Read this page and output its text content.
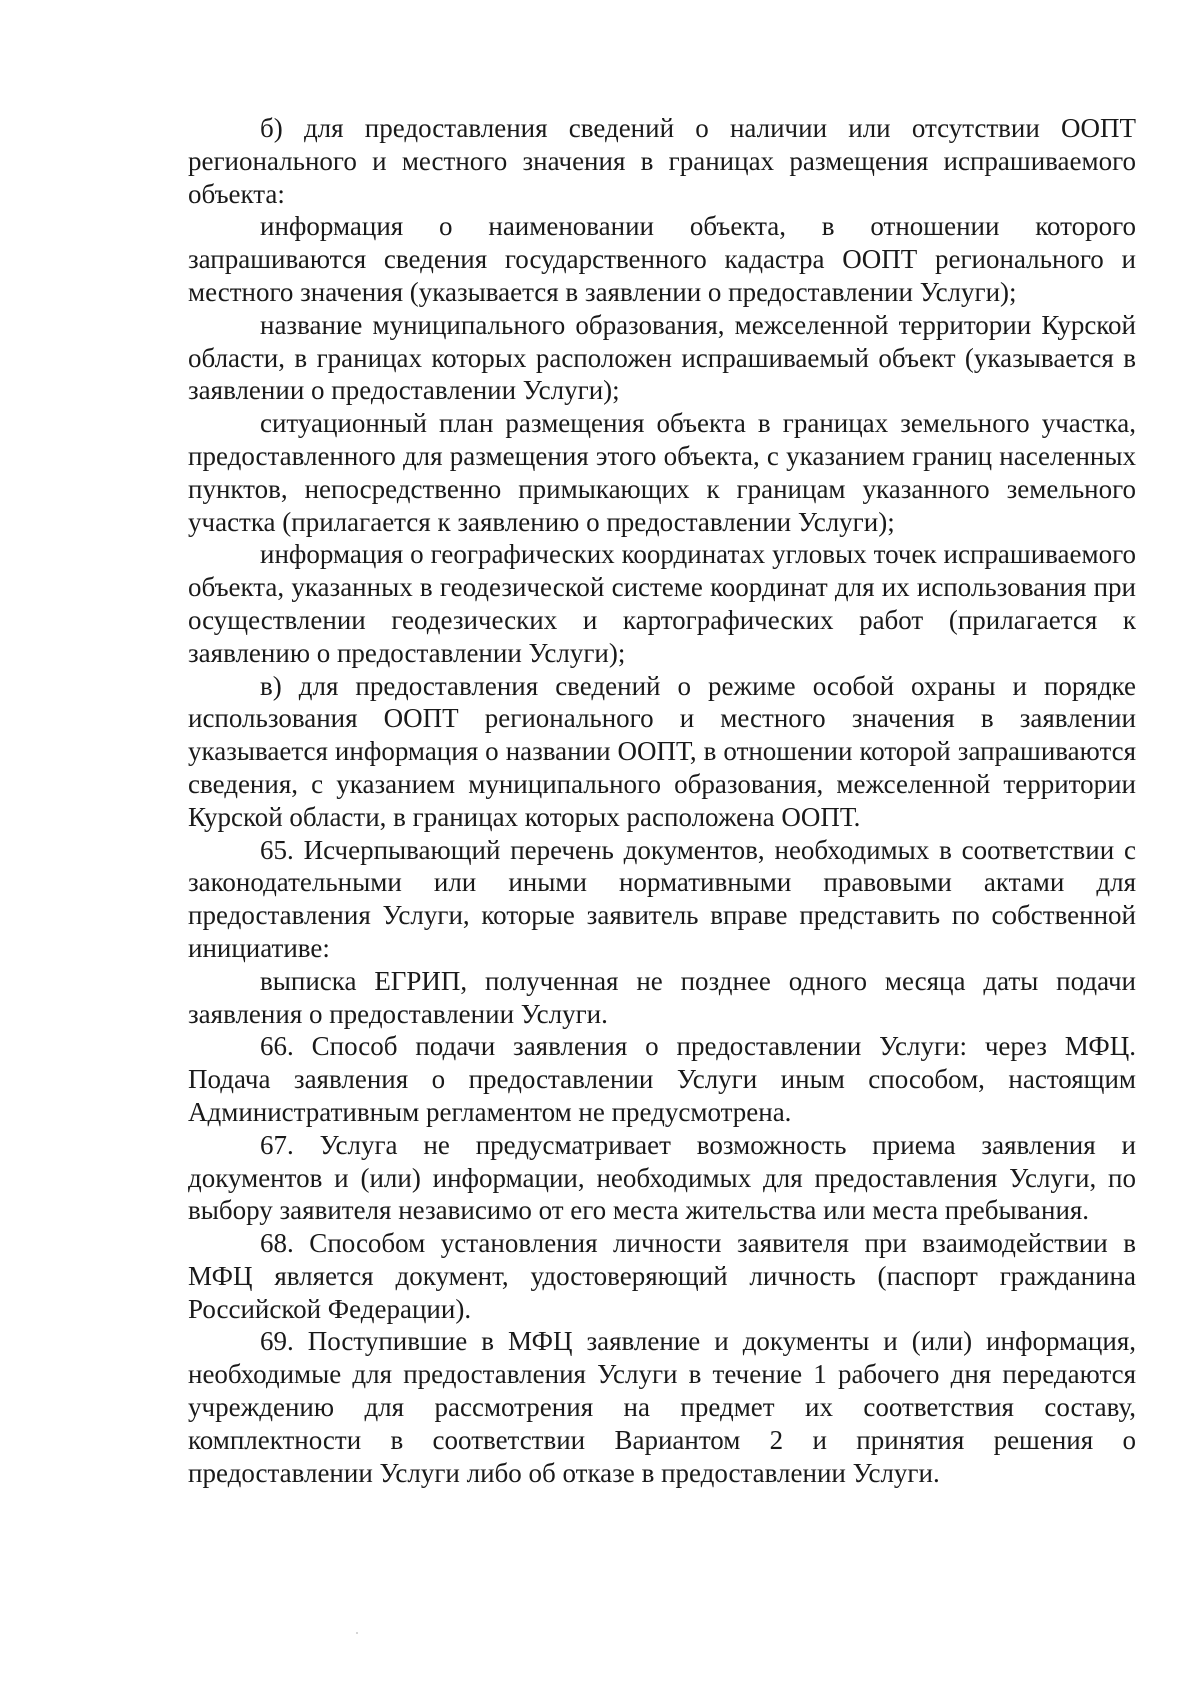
б) для предоставления сведений о наличии или отсутствии ООПТ регионального и местного значения в границах размещения испрашиваемого объекта:

информация о наименовании объекта, в отношении которого запрашиваются сведения государственного кадастра ООПТ регионального и местного значения (указывается в заявлении о предоставлении Услуги);

название муниципального образования, межселенной территории Курской области, в границах которых расположен испрашиваемый объект (указывается в заявлении о предоставлении Услуги);

ситуационный план размещения объекта в границах земельного участка, предоставленного для размещения этого объекта, с указанием границ населенных пунктов, непосредственно примыкающих к границам указанного земельного участка (прилагается к заявлению о предоставлении Услуги);

информация о географических координатах угловых точек испрашиваемого объекта, указанных в геодезической системе координат для их использования при осуществлении геодезических и картографических работ (прилагается к заявлению о предоставлении Услуги);

в) для предоставления сведений о режиме особой охраны и порядке использования ООПТ регионального и местного значения в заявлении указывается информация о названии ООПТ, в отношении которой запрашиваются сведения, с указанием муниципального образования, межселенной территории Курской области, в границах которых расположена ООПТ.

65. Исчерпывающий перечень документов, необходимых в соответствии с законодательными или иными нормативными правовыми актами для предоставления Услуги, которые заявитель вправе представить по собственной инициативе:

выписка ЕГРИП, полученная не позднее одного месяца даты подачи заявления о предоставлении Услуги.

66. Способ подачи заявления о предоставлении Услуги: через МФЦ. Подача заявления о предоставлении Услуги иным способом, настоящим Административным регламентом не предусмотрена.

67. Услуга не предусматривает возможность приема заявления и документов и (или) информации, необходимых для предоставления Услуги, по выбору заявителя независимо от его места жительства или места пребывания.

68. Способом установления личности заявителя при взаимодействии в МФЦ является документ, удостоверяющий личность (паспорт гражданина Российской Федерации).

69. Поступившие в МФЦ заявление и документы и (или) информация, необходимые для предоставления Услуги в течение 1 рабочего дня передаются учреждению для рассмотрения на предмет их соответствия составу, комплектности в соответствии Вариантом 2 и принятия решения о предоставлении Услуги либо об отказе в предоставлении Услуги.
